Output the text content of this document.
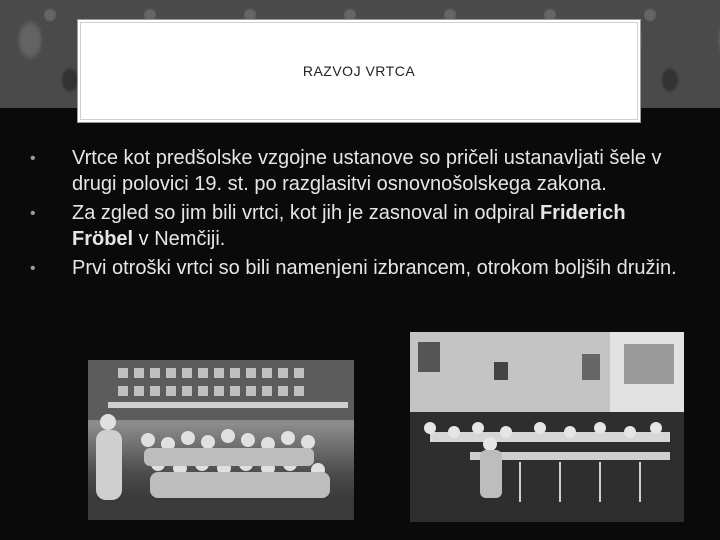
RAZVOJ VRTCA
•	Vrtce kot predšolske vzgojne ustanove so pričeli ustanavljati šele v drugi polovici 19. st. po razglasitvi osnovnošolskega zakona.
•	Za zgled so jim bili vrtci, kot jih je zasnoval in odpiral Friderich Fröbel v Nemčiji.
•	Prvi otroški vrtci so bili namenjeni izbrancem, otrokom boljših družin.
